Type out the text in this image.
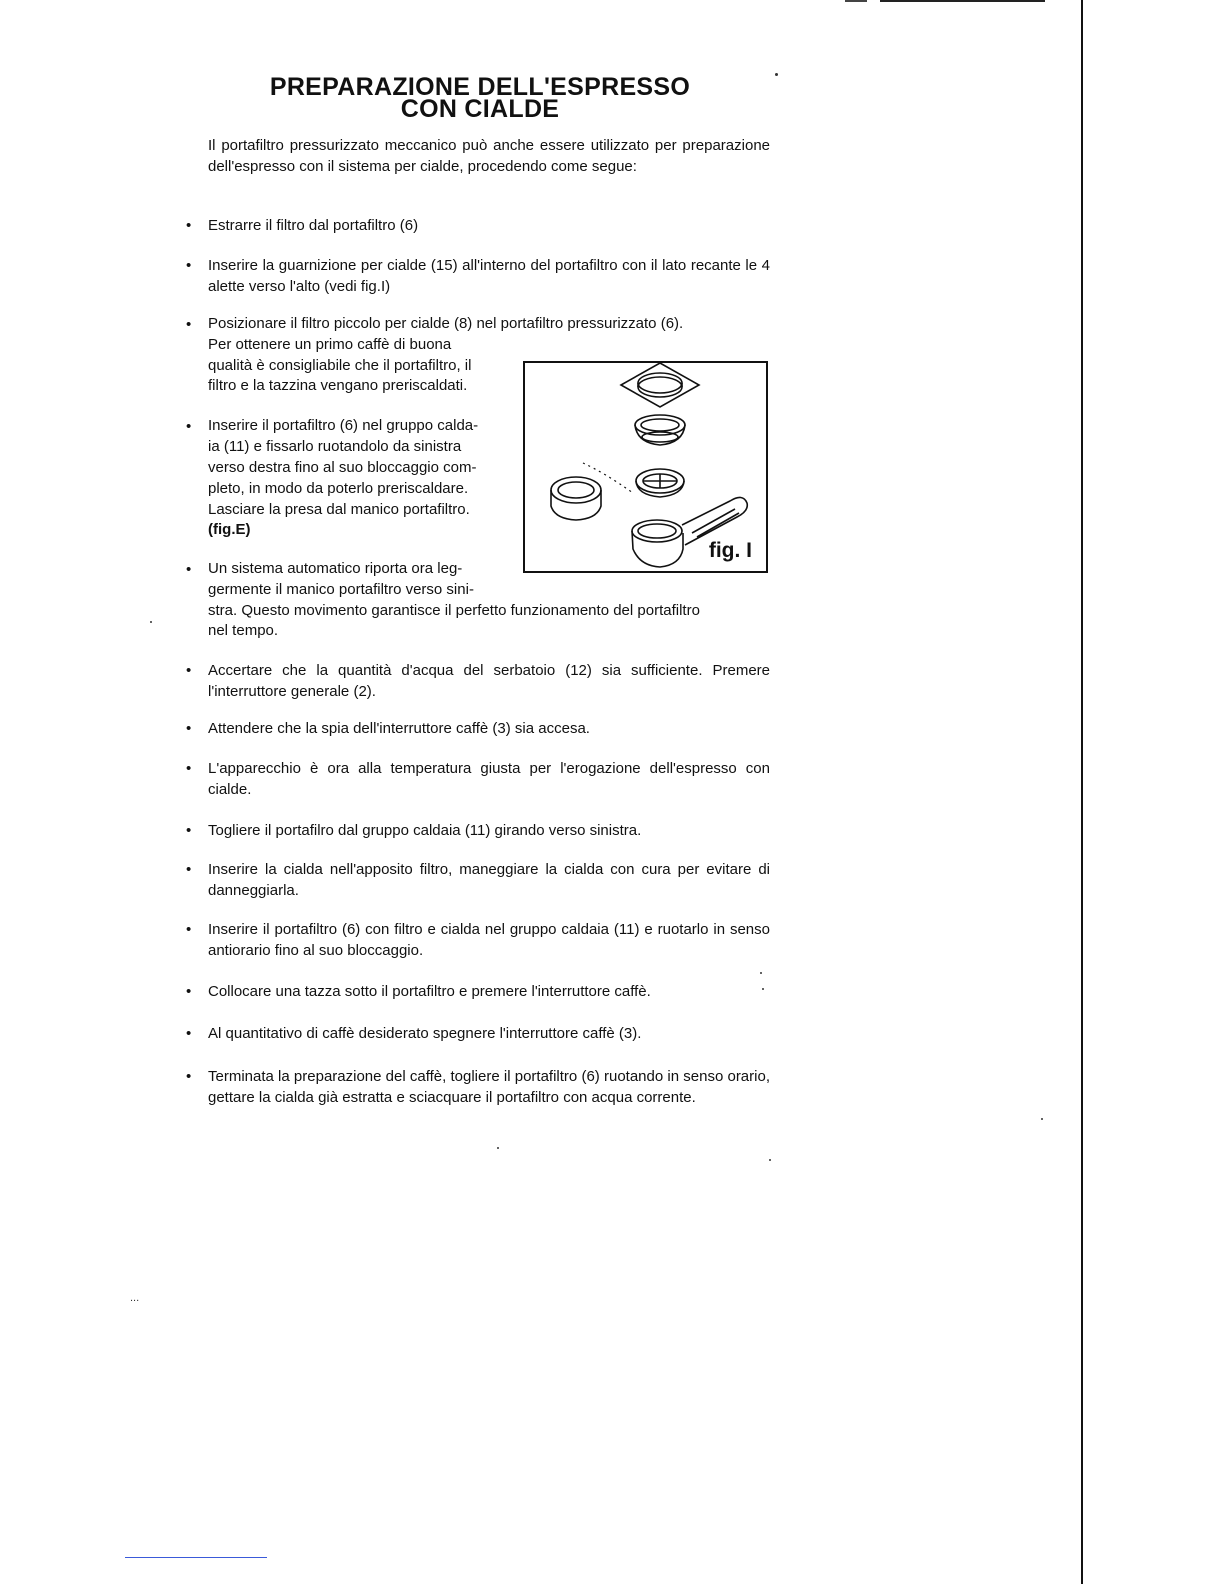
...
PREPARAZIONE DELL'ESPRESSO
CON CIALDE

Il portafiltro pressurizzato meccanico può anche essere utilizzato per preparazione dell'espresso con il sistema per cialde, procedendo come segue:

• Estrarre il filtro dal portafiltro (6)
• Inserire la guarnizione per cialde (15) all'interno del portafiltro con il lato recante le 4 alette verso l'alto (vedi fig.I)
• Posizionare il filtro piccolo per cialde (8) nel portafiltro pressurizzato (6).
Per ottenere un primo caffè di buona
qualità è consigliabile che il portafiltro, il
filtro e la tazzina vengano preriscaldati.
• Inserire il portafiltro (6) nel gruppo calda-
ia (11) e fissarlo ruotandolo da sinistra
verso destra fino al suo bloccaggio com-
pleto, in modo da poterlo preriscaldare.
Lasciare la presa dal manico portafiltro.
(fig.E)
• Un sistema automatico riporta ora leg-
germente il manico portafiltro verso sini-
stra. Questo movimento garantisce il perfetto funzionamento del portafiltro
nel tempo.
• Accertare che la quantità d'acqua del serbatoio (12) sia sufficiente. Premere l'interruttore generale (2).
• Attendere che la spia dell'interruttore caffè (3) sia accesa.
• L'apparecchio è ora alla temperatura giusta per l'erogazione dell'espresso con cialde.
• Togliere il portafilro dal gruppo caldaia (11) girando verso sinistra.
• Inserire la cialda nell'apposito filtro, maneggiare la cialda con cura per evitare di danneggiarla.
• Inserire il portafiltro (6) con filtro e cialda nel gruppo caldaia (11) e ruotarlo in senso antiorario fino al suo bloccaggio.
• Collocare una tazza sotto il portafiltro e premere l'interruttore caffè.
• Al quantitativo di caffè desiderato spegnere l'interruttore caffè (3).
• Terminata la preparazione del caffè, togliere il portafiltro (6) ruotando in senso orario, gettare la cialda già estratta e sciacquare il portafiltro con acqua corrente.
fig. I
